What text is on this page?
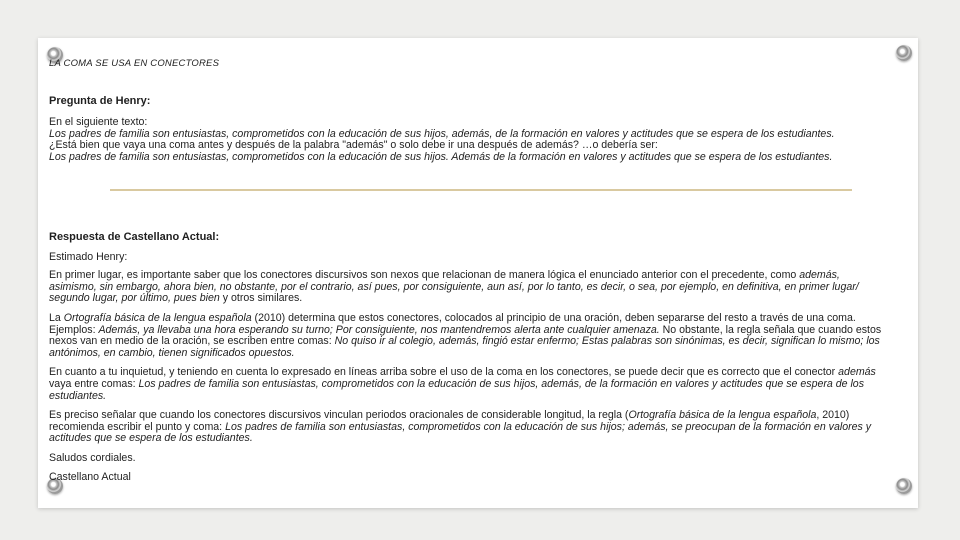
LA COMA SE USA EN CONECTORES

Pregunta de Henry:

En el siguiente texto:

Los padres de familia son entusiastas, comprometidos con la educación de sus hijos, además, de la formación en valores y actitudes que se espera de los estudiantes.

¿Está bien que vaya una coma antes y después de la palabra "además" o solo debe ir una después de además? …o debería ser:

Los padres de familia son entusiastas, comprometidos con la educación de sus hijos. Además de la formación en valores y actitudes que se espera de los estudiantes.

Respuesta de Castellano Actual:

Estimado Henry:

En primer lugar, es importante saber que los conectores discursivos son nexos que relacionan de manera lógica el enunciado anterior con el precedente, como además, asimismo, sin embargo, ahora bien, no obstante, por el contrario, así pues, por consiguiente, aun así, por lo tanto, es decir, o sea, por ejemplo, en definitiva, en primer lugar/ segundo lugar, por último, pues bien y otros similares.

La Ortografía básica de la lengua española (2010) determina que estos conectores, colocados al principio de una oración, deben separarse del resto a través de una coma. Ejemplos: Además, ya llevaba una hora esperando su turno; Por consiguiente, nos mantendremos alerta ante cualquier amenaza. No obstante, la regla señala que cuando estos nexos van en medio de la oración, se escriben entre comas: No quiso ir al colegio, además, fingió estar enfermo; Estas palabras son sinónimas, es decir, significan lo mismo; los antónimos, en cambio, tienen significados opuestos.

En cuanto a tu inquietud, y teniendo en cuenta lo expresado en líneas arriba sobre el uso de la coma en los conectores, se puede decir que es correcto que el conector además vaya entre comas: Los padres de familia son entusiastas, comprometidos con la educación de sus hijos, además, de la formación en valores y actitudes que se espera de los estudiantes.

Es preciso señalar que cuando los conectores discursivos vinculan periodos oracionales de considerable longitud, la regla (Ortografía básica de la lengua española, 2010) recomienda escribir el punto y coma: Los padres de familia son entusiastas, comprometidos con la educación de sus hijos; además, se preocupan de la formación en valores y actitudes que se espera de los estudiantes.

Saludos cordiales.

Castellano Actual
